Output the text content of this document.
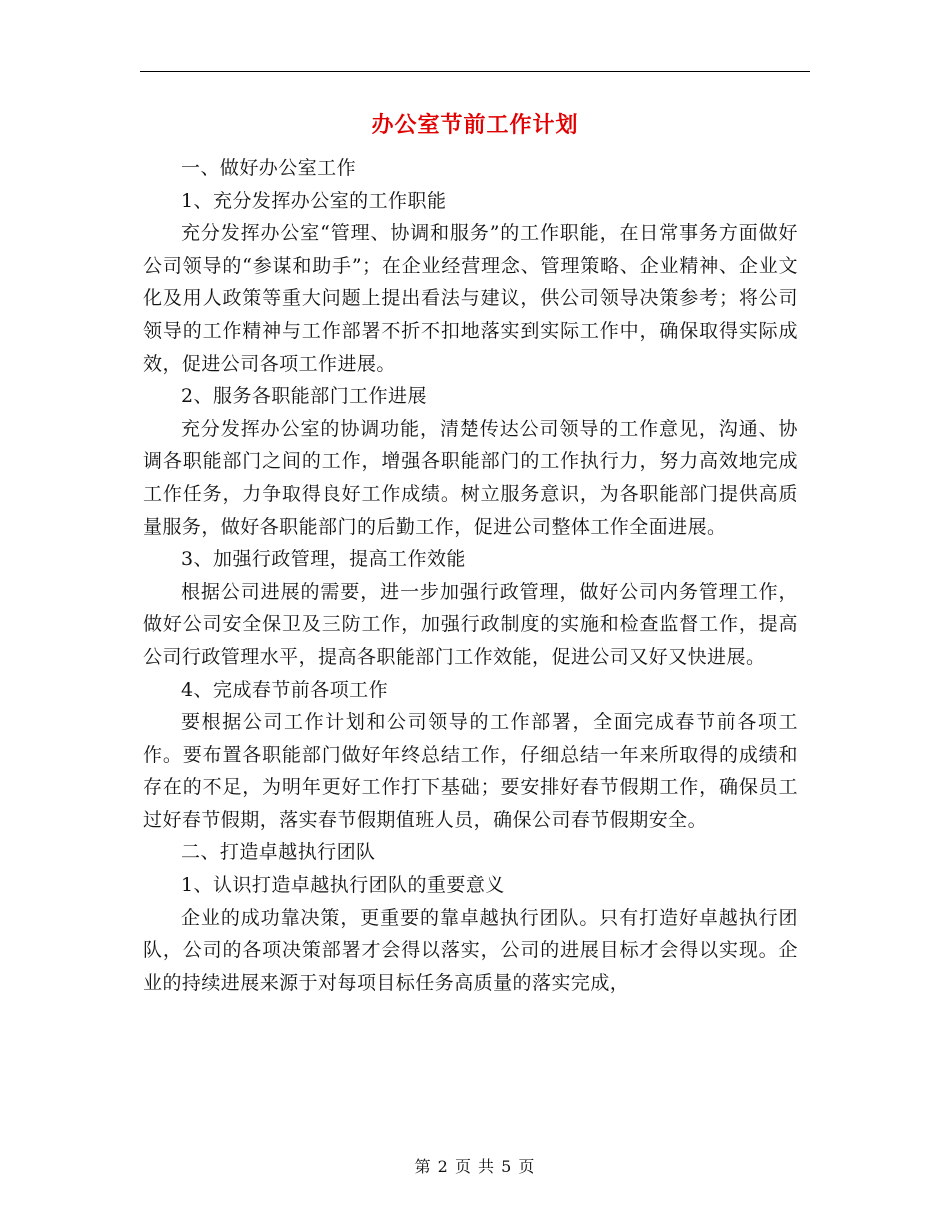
办公室节前工作计划

一、做好办公室工作

1、充分发挥办公室的工作职能

充分发挥办公室“管理、协调和服务”的工作职能，在日常事务方面做好公司领导的“参谋和助手”；在企业经营理念、管理策略、企业精神、企业文化及用人政策等重大问题上提出看法与建议，供公司领导决策参考；将公司领导的工作精神与工作部署不折不扣地落实到实际工作中，确保取得实际成效，促进公司各项工作进展。

2、服务各职能部门工作进展

充分发挥办公室的协调功能，清楚传达公司领导的工作意见，沟通、协调各职能部门之间的工作，增强各职能部门的工作执行力，努力高效地完成工作任务，力争取得良好工作成绩。树立服务意识，为各职能部门提供高质量服务，做好各职能部门的后勤工作，促进公司整体工作全面进展。

3、加强行政管理，提高工作效能

根据公司进展的需要，进一步加强行政管理，做好公司内务管理工作，做好公司安全保卫及三防工作，加强行政制度的实施和检查监督工作，提高公司行政管理水平，提高各职能部门工作效能，促进公司又好又快进展。

4、完成春节前各项工作

要根据公司工作计划和公司领导的工作部署，全面完成春节前各项工作。要布置各职能部门做好年终总结工作，仔细总结一年来所取得的成绩和存在的不足，为明年更好工作打下基础；要安排好春节假期工作，确保员工过好春节假期，落实春节假期值班人员，确保公司春节假期安全。

二、打造卓越执行团队

1、认识打造卓越执行团队的重要意义

企业的成功靠决策，更重要的靠卓越执行团队。只有打造好卓越执行团队，公司的各项决策部署才会得以落实，公司的进展目标才会得以实现。企业的持续进展来源于对每项目标任务高质量的落实完成，

第 2 页 共 5 页
